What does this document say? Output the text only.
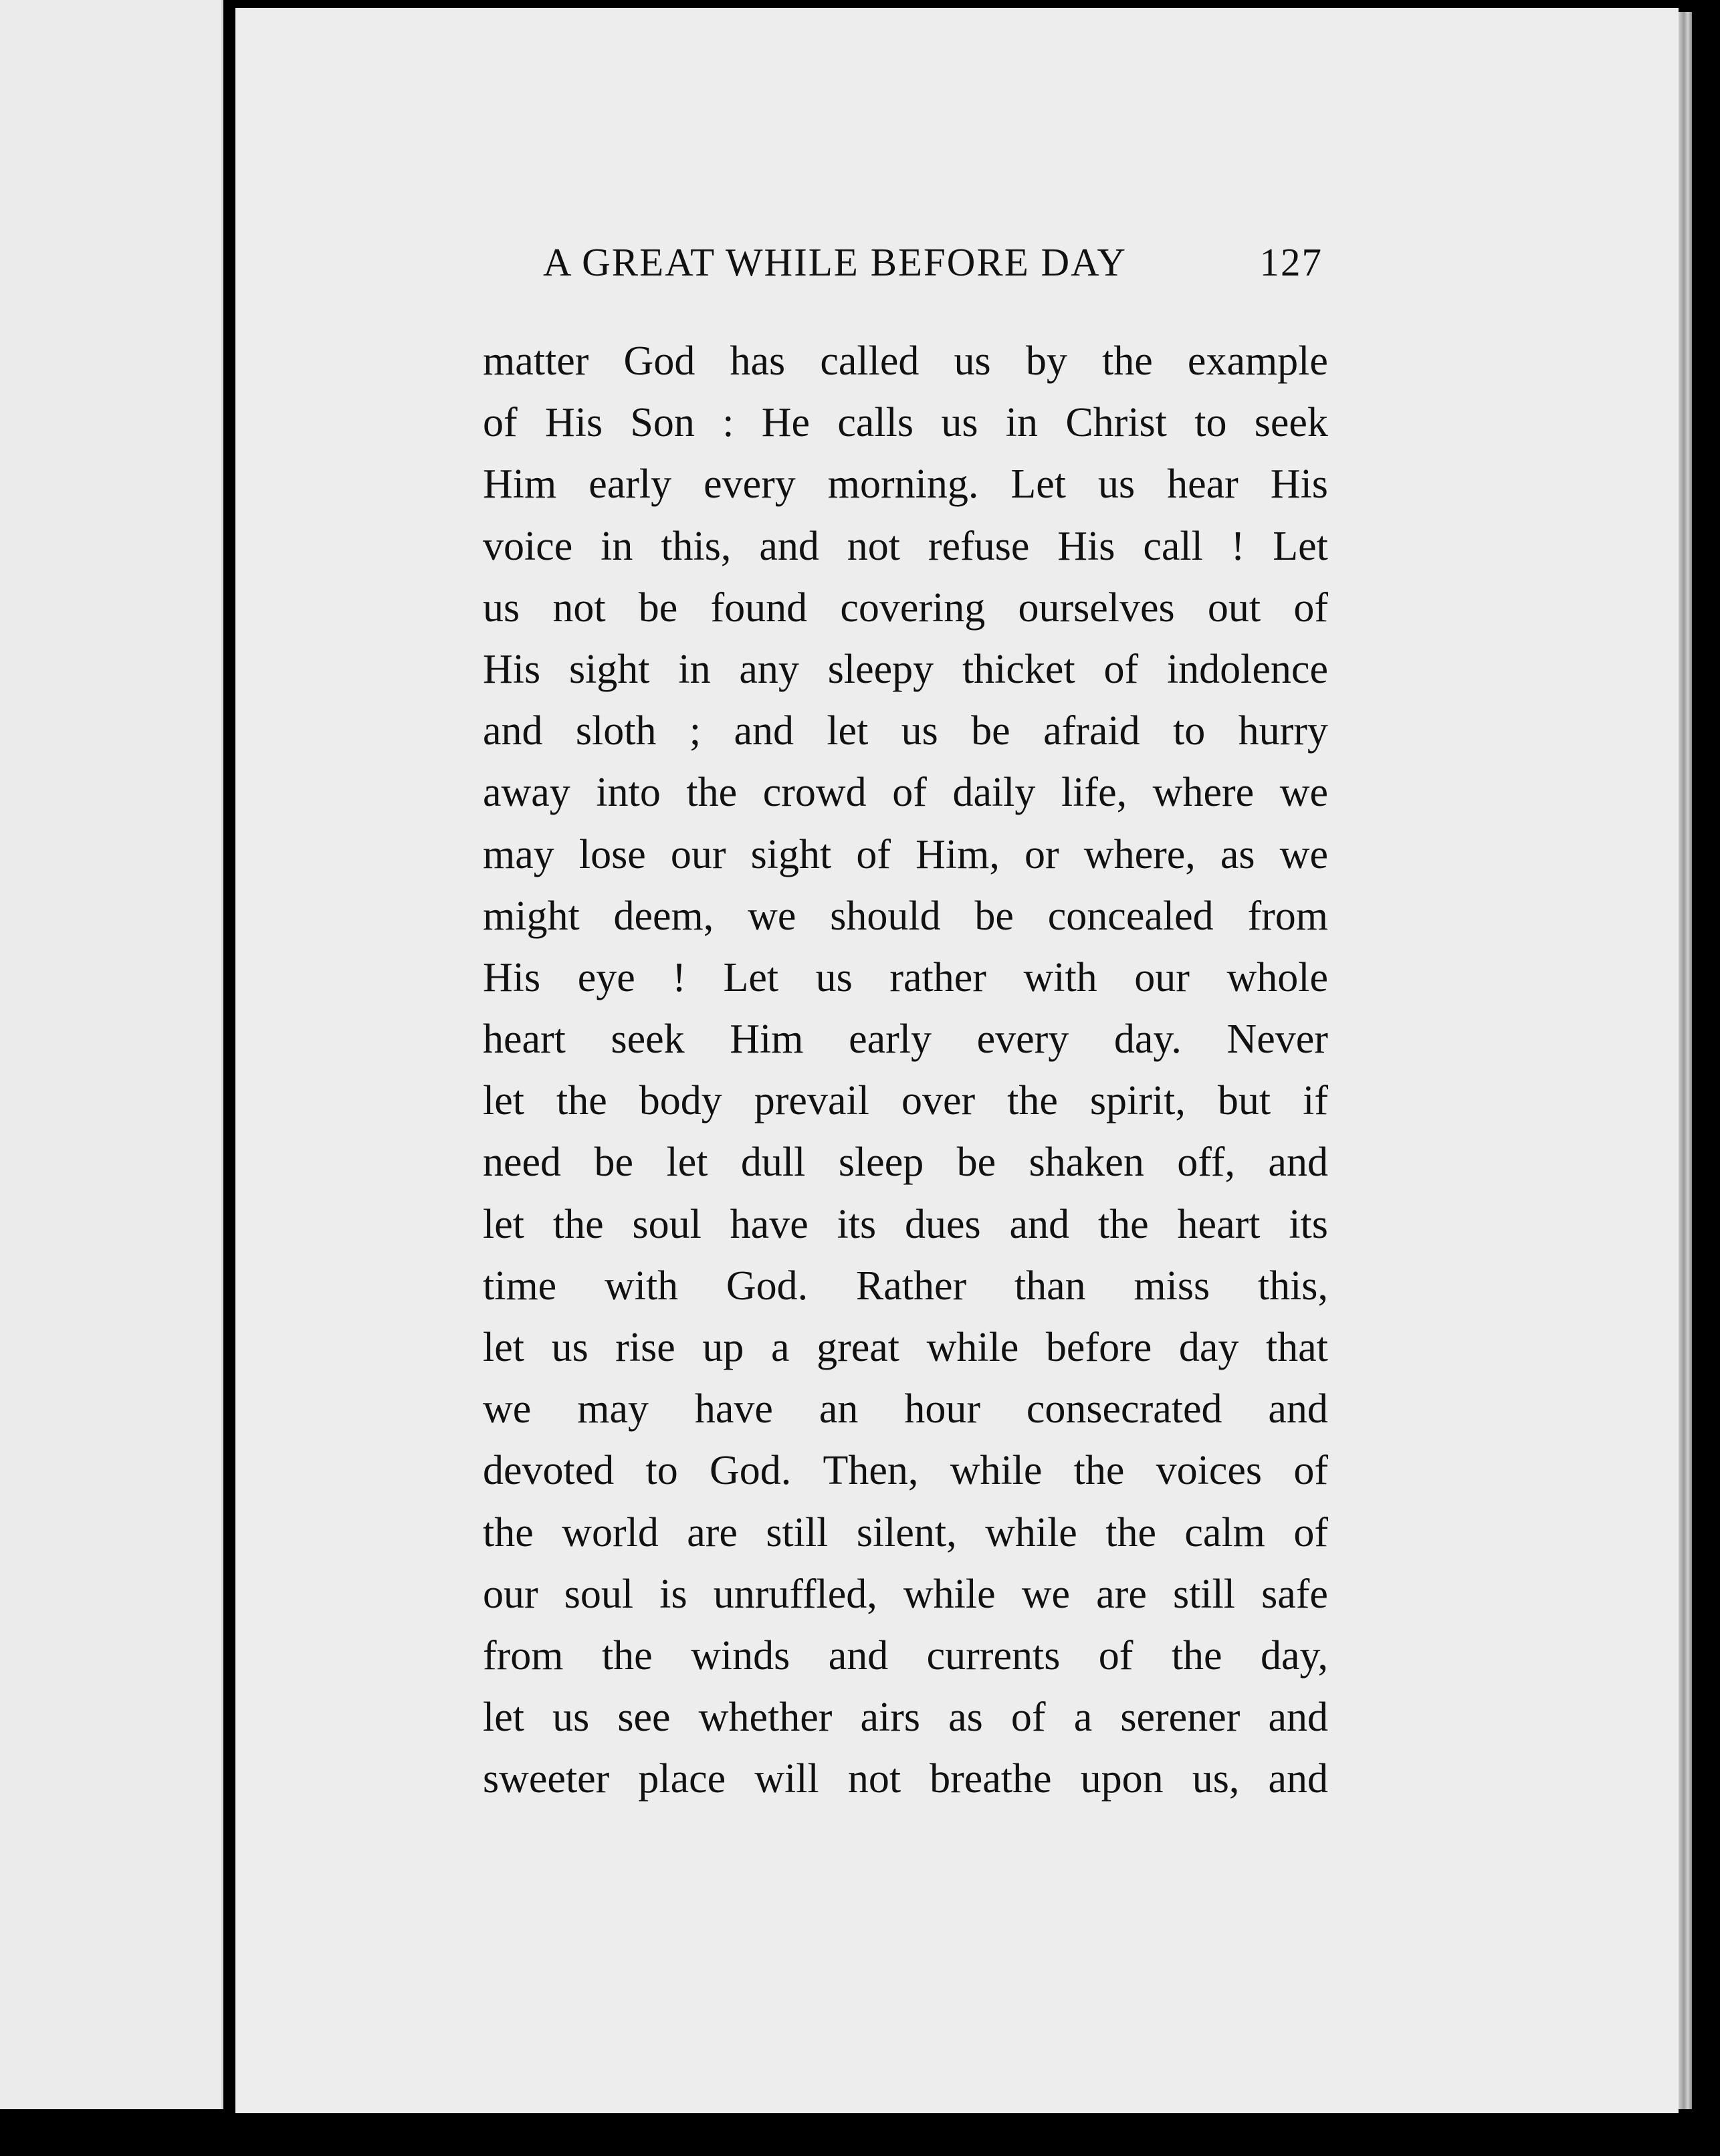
A GREAT WHILE BEFORE DAY	127
matter God has called us by the example
of His Son : He calls us in Christ to seek
Him early every morning. Let us hear His
voice in this, and not refuse His call ! Let
us not be found covering ourselves out of
His sight in any sleepy thicket of indolence
and sloth ; and let us be afraid to hurry
away into the crowd of daily life, where we
may lose our sight of Him, or where, as we
might deem, we should be concealed from
His eye ! Let us rather with our whole
heart seek Him early every day. Never
let the body prevail over the spirit, but if
need be let dull sleep be shaken off, and
let the soul have its dues and the heart its
time with God. Rather than miss this,
let us rise up a great while before day that
we may have an hour consecrated and
devoted to God. Then, while the voices of
the world are still silent, while the calm of
our soul is unruffled, while we are still safe
from the winds and currents of the day,
let us see whether airs as of a serener and
sweeter place will not breathe upon us, and
